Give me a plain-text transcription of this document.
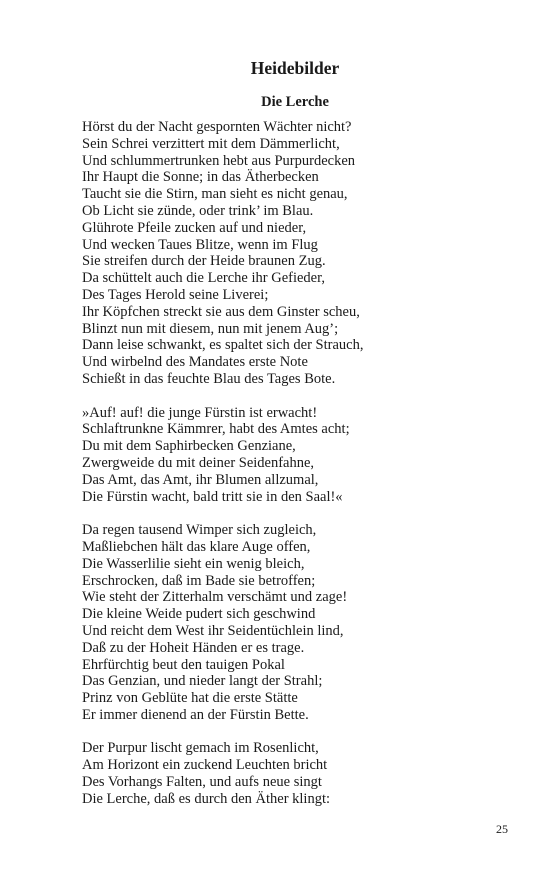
Heidebilder
Die Lerche

Hörst du der Nacht gespornten Wächter nicht?
Sein Schrei verzittert mit dem Dämmerlicht,
Und schlummertrunken hebt aus Purpurdecken
Ihr Haupt die Sonne; in das Ätherbecken
Taucht sie die Stirn, man sieht es nicht genau,
Ob Licht sie zünde, oder trink’ im Blau.
Glührote Pfeile zucken auf und nieder,
Und wecken Taues Blitze, wenn im Flug
Sie streifen durch der Heide braunen Zug.
Da schüttelt auch die Lerche ihr Gefieder,
Des Tages Herold seine Liverei;
Ihr Köpfchen streckt sie aus dem Ginster scheu,
Blinzt nun mit diesem, nun mit jenem Aug’;
Dann leise schwankt, es spaltet sich der Strauch,
Und wirbelnd des Mandates erste Note
Schießt in das feuchte Blau des Tages Bote.

»Auf! auf! die junge Fürstin ist erwacht!
Schlaftrunkne Kämmrer, habt des Amtes acht;
Du mit dem Saphirbecken Genziane,
Zwergweide du mit deiner Seidenfahne,
Das Amt, das Amt, ihr Blumen allzumal,
Die Fürstin wacht, bald tritt sie in den Saal!«

Da regen tausend Wimper sich zugleich,
Maßliebchen hält das klare Auge offen,
Die Wasserlilie sieht ein wenig bleich,
Erschrocken, daß im Bade sie betroffen;
Wie steht der Zitterhalm verschämt und zage!
Die kleine Weide pudert sich geschwind
Und reicht dem West ihr Seidentüchlein lind,
Daß zu der Hoheit Händen er es trage.
Ehrfürchtig beut den tauigen Pokal
Das Genzian, und nieder langt der Strahl;
Prinz von Geblüte hat die erste Stätte
Er immer dienend an der Fürstin Bette.

Der Purpur lischt gemach im Rosenlicht,
Am Horizont ein zuckend Leuchten bricht
Des Vorhangs Falten, und aufs neue singt
Die Lerche, daß es durch den Äther klingt:

25
